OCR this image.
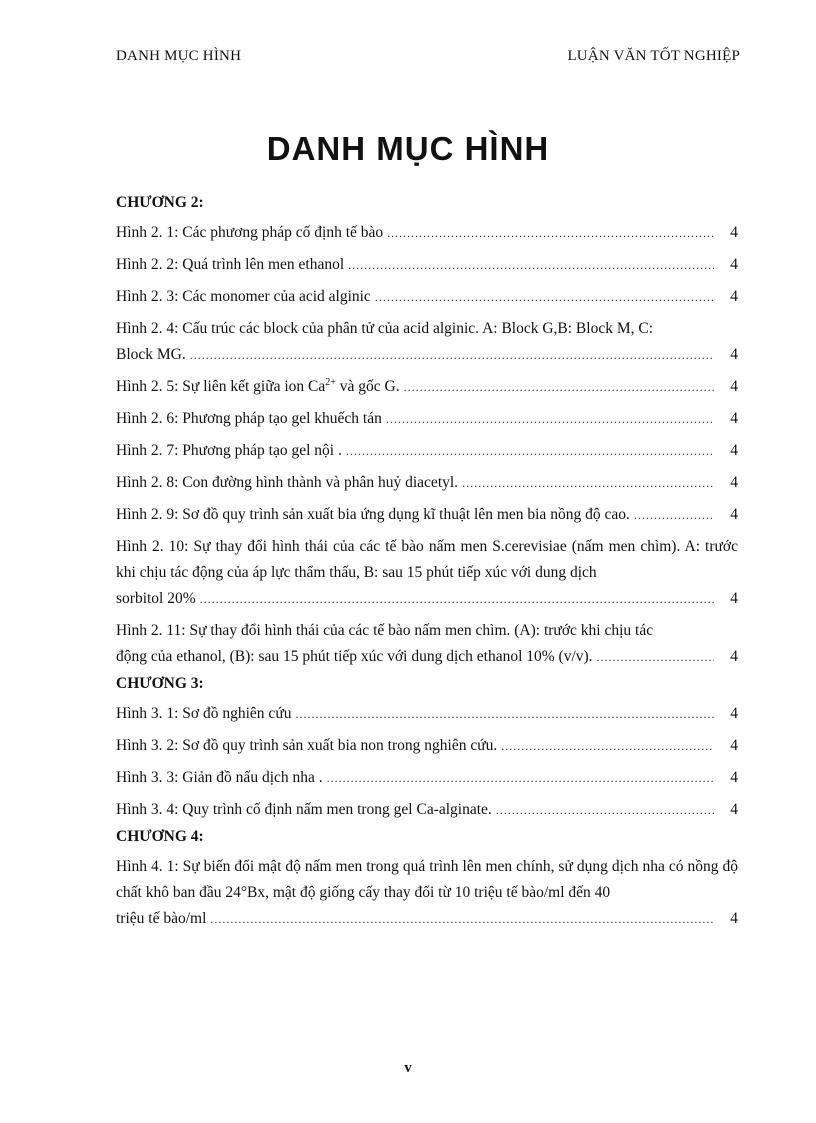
DANH MỤC HÌNH	LUẬN VĂN TỐT NGHIỆP
DANH MỤC HÌNH
CHƯƠNG 2:
Hình 2. 1: Các phương pháp cố định tế bào .....	4
Hình 2. 2: Quá trình lên men ethanol .....	4
Hình 2. 3: Các monomer của acid alginic .....	4
Hình 2. 4: Cấu trúc các block của phân tử của acid alginic. A: Block G,B: Block M, C:
Block MG. .....	4
Hình 2. 5: Sự liên kết giữa ion $Ca^{2+}$ và gốc G. .....	4
Hình 2. 6: Phương pháp tạo gel khuếch tán .....	4
Hình 2. 7: Phương pháp tạo gel nội . .....	4
Hình 2. 8: Con đường hình thành và phân huỷ diacetyl. .....	4
Hình 2. 9: Sơ đồ quy trình sản xuất bia ứng dụng kĩ thuật lên men bia nồng độ cao. .....	4
Hình 2. 10: Sự thay đổi hình thái của các tế bào nấm men S.cerevisiae (nấm men chìm). A: trước khi chịu tác động của áp lực thẩm thấu, B: sau 15 phút tiếp xúc với dung dịch
sorbitol 20% .....	4
Hình 2. 11: Sự thay đổi hình thái của các tế bào nấm men chìm. (A): trước khi chịu tác
động của ethanol, (B): sau 15 phút tiếp xúc với dung dịch ethanol 10% (v/v). .....	4
CHƯƠNG 3:
Hình 3. 1: Sơ đồ nghiên cứu .....	4
Hình 3. 2: Sơ đồ quy trình sản xuất bia non trong nghiên cứu. .....	4
Hình 3. 3: Giản đồ nấu dịch nha . .....	4
Hình 3. 4: Quy trình cố định nấm men trong gel Ca-alginate. .....	4
CHƯƠNG 4:
Hình 4. 1: Sự biến đổi mật độ nấm men trong quá trình lên men chính, sử dụng dịch nha có nồng độ chất khô ban đầu 24°Bx, mật độ giống cấy thay đổi từ 10 triệu tế bào/ml đến 40
triệu tế bào/ml .....	4
v
